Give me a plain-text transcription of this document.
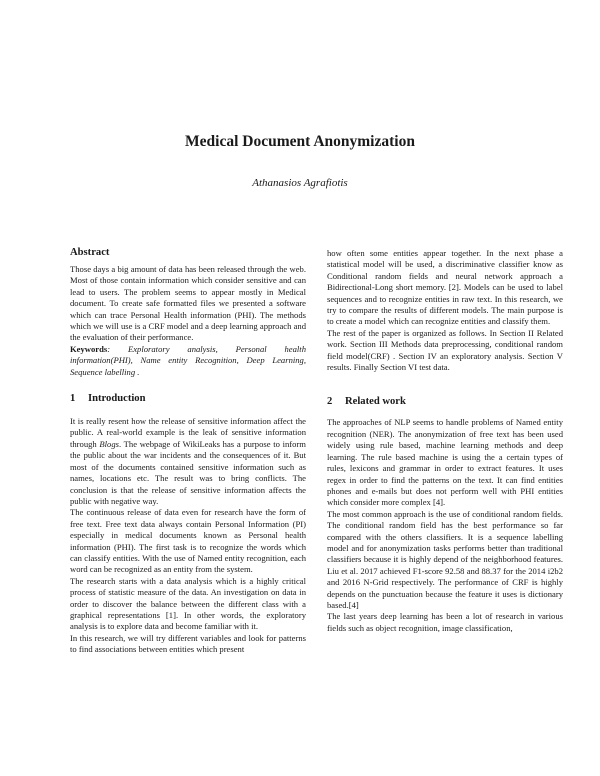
Medical Document Anonymization
Athanasios Agrafiotis
Abstract

Those days a big amount of data has been released through the web. Most of those contain information which consider sensitive and can lead to users. The problem seems to appear mostly in Medical document. To create safe formatted files we presented a software which can trace Personal Health information (PHI). The methods which we will use is a CRF model and a deep learning approach and the evaluation of their performance.

Keywords: Exploratory analysis, Personal health information(PHI), Name entity Recognition, Deep Learning, Sequence labelling .

1 Introduction

It is really resent how the release of sensitive information affect the public. A real-world example is the leak of sensitive information through Blogs. The webpage of WikiLeaks has a purpose to inform the public about the war incidents and the consequences of it. But most of the documents contained sensitive information such as names, locations etc. The result was to bring conflicts. The conclusion is that the release of sensitive information affects the public with negative way.

The continuous release of data even for research have the form of free text. Free text data always contain Personal Information (PI) especially in medical documents known as Personal health information (PHI). The first task is to recognize the words which can classify entities. With the use of Named entity recognition, each word can be recognized as an entity from the system.

The research starts with a data analysis which is a highly critical process of statistic measure of the data. An investigation on data in order to discover the balance between the different class with a graphical representations [1]. In other words, the exploratory analysis is to explore data and become familiar with it.

In this research, we will try different variables and look for patterns to find associations between entities which present

how often some entities appear together. In the next phase a statistical model will be used, a discriminative classifier know as Conditional random fields and neural network approach a Bidirectional-Long short memory. [2]. Models can be used to label sequences and to recognize entities in raw text. In this research, we try to compare the results of different models. The main purpose is to create a model which can recognize entities and classify them.

The rest of the paper is organized as follows. In Section II Related work. Section III Methods data preprocessing, conditional random field model(CRF) . Section IV an exploratory analysis. Section V results. Finally Section VI test data.

2 Related work

The approaches of NLP seems to handle problems of Named entity recognition (NER). The anonymization of free text has been used widely using rule based, machine learning methods and deep learning. The rule based machine is using the a certain types of rules, lexicons and grammar in order to extract features. It uses regex in order to find the patterns on the text. It can find entities phones and e-mails but does not perform well with PHI entities which consider more complex [4].

The most common approach is the use of conditional random fields. The conditional random field has the best performance so far compared with the others classifiers. It is a sequence labelling model and for anonymization tasks performs better than traditional classifiers because it is highly depend of the neighborhood features. Liu et al. 2017 achieved F1-score 92.58 and 88.37 for the 2014 i2b2 and 2016 N-Grid respectively. The performance of CRF is highly depends on the punctuation because the feature it uses is dictionary based.[4]

The last years deep learning has been a lot of research in various fields such as object recognition, image classification,
